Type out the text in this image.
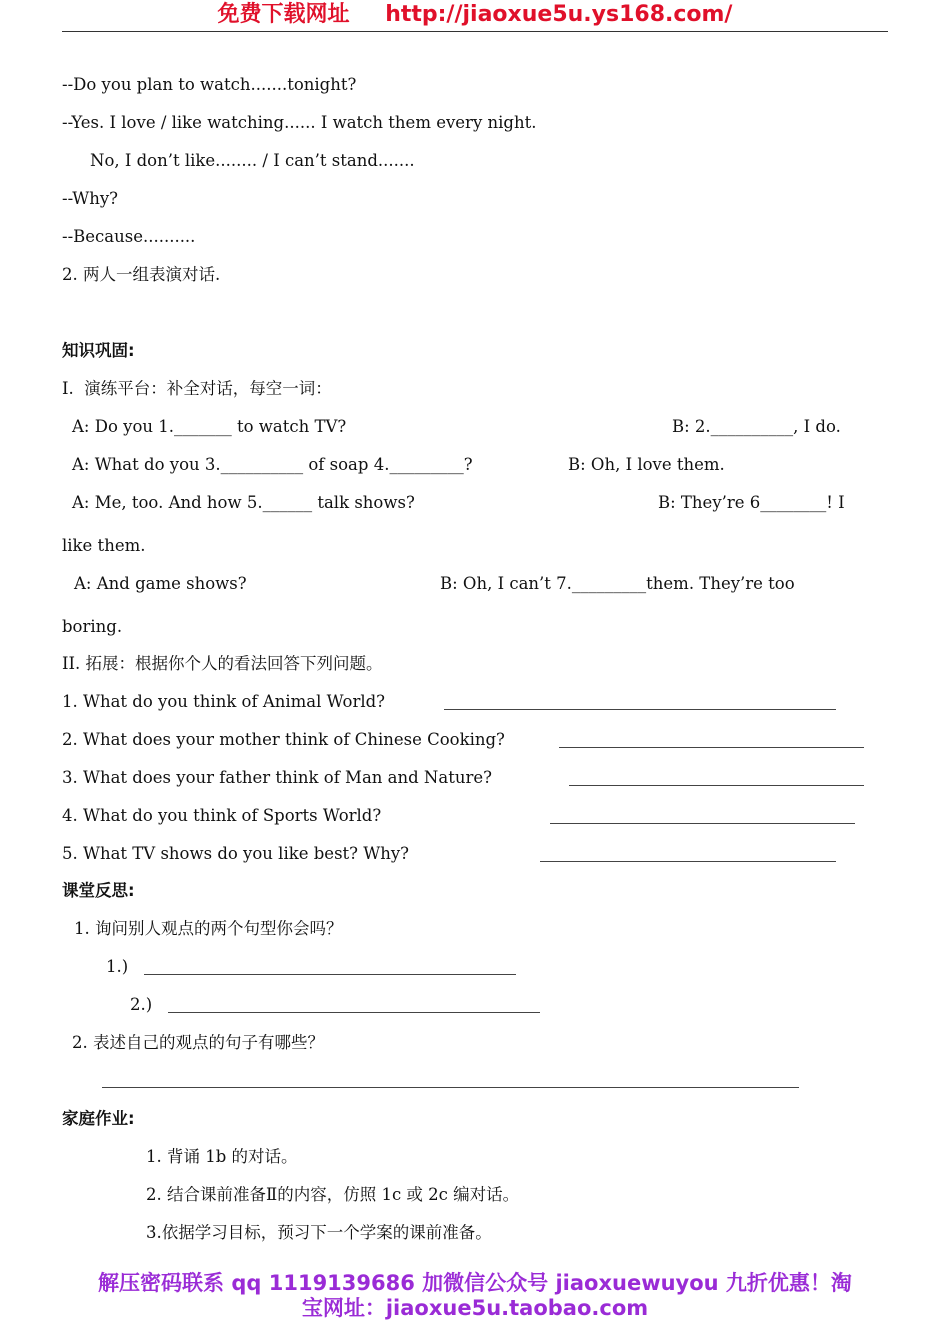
免费下载网址 http://jiaoxue5u.ys168.com/
--Do you plan to watch.......tonight?
--Yes. I love / like watching...... I watch them every night.
No, I don’t like........ / I can’t stand.......
--Why?
--Because..........
2. 两人一组表演对话.
知识巩固:
I.  演练平台：补全对话，每空一词：
A: Do you 1._______ to watch TV?	B: 2.__________, I do.
A: What do you 3.__________ of soap 4._________?	B: Oh, I love them.
A: Me, too. And how 5.______ talk shows?	B: They’re 6________! I
like them.
A: And game shows?	B: Oh, I can’t 7._________them. They’re too
boring.
II. 拓展：根据你个人的看法回答下列问题。
1. What do you think of Animal World?
2. What does your mother think of Chinese Cooking?
3. What does your father think of Man and Nature?
4. What do you think of Sports World?
5. What TV shows do you like best? Why?
课堂反思:
1. 询问别人观点的两个句型你会吗？
1.)
2.)
2. 表述自己的观点的句子有哪些？
家庭作业:
1. 背诵 1b 的对话。
2. 结合课前准备Ⅱ的内容，仿照 1c 或 2c 编对话。
3.依据学习目标，预习下一个学案的课前准备。
解压密码联系 qq 1119139686 加微信公众号 jiaoxuewuyou 九折优惠！淘
宝网址：jiaoxue5u.taobao.com
